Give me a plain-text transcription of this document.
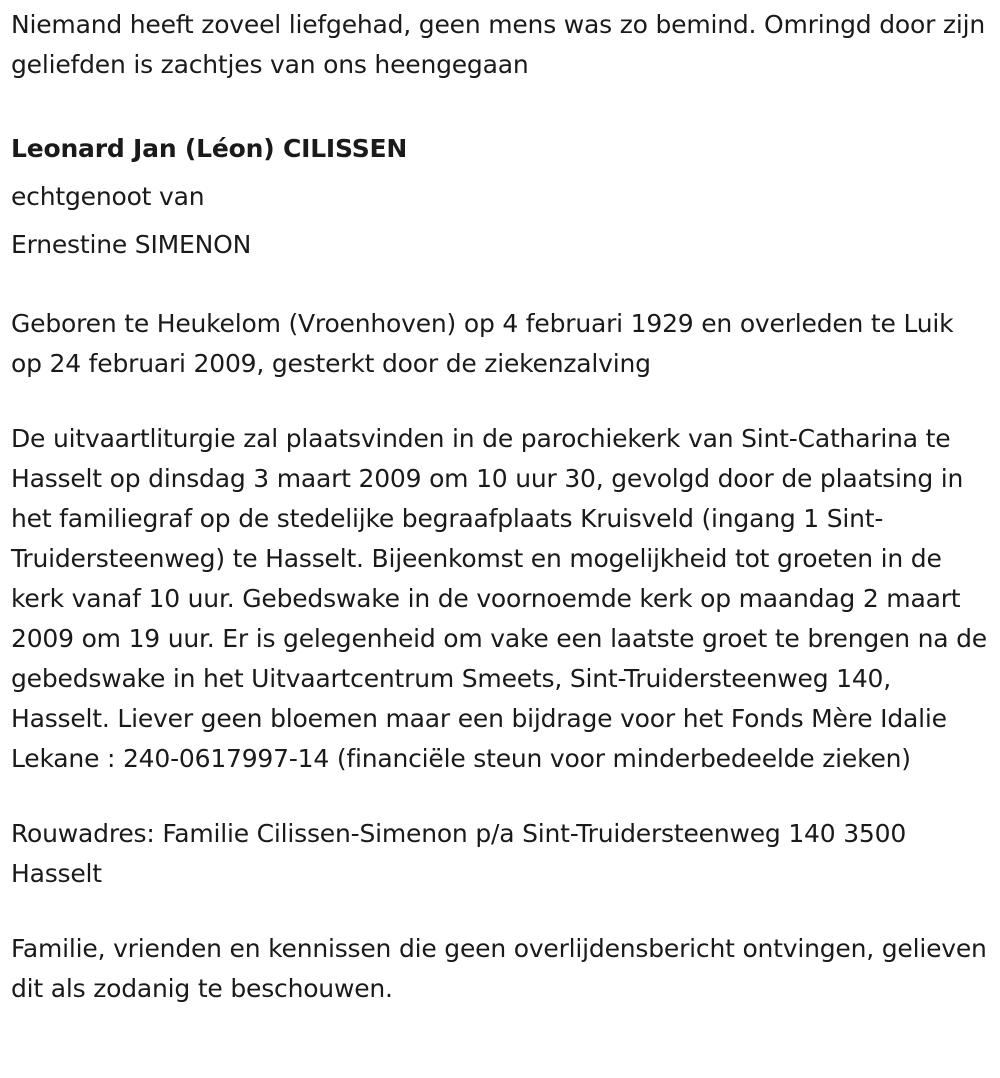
Niemand heeft zoveel liefgehad, geen mens was zo bemind. Omringd door zijn geliefden is zachtjes van ons heengegaan

Leonard Jan (Léon) CILISSEN
echtgenoot van
Ernestine SIMENON

Geboren te Heukelom (Vroenhoven) op 4 februari 1929 en overleden te Luik op 24 februari 2009, gesterkt door de ziekenzalving

De uitvaartliturgie zal plaatsvinden in de parochiekerk van Sint-Catharina te Hasselt op dinsdag 3 maart 2009 om 10 uur 30, gevolgd door de plaatsing in het familiegraf op de stedelijke begraafplaats Kruisveld (ingang 1 Sint-Truidersteenweg) te Hasselt. Bijeenkomst en mogelijkheid tot groeten in de kerk vanaf 10 uur. Gebedswake in de voornoemde kerk op maandag 2 maart 2009 om 19 uur. Er is gelegenheid om vake een laatste groet te brengen na de gebedswake in het Uitvaartcentrum Smeets, Sint-Truidersteenweg 140, Hasselt. Liever geen bloemen maar een bijdrage voor het Fonds Mère Idalie Lekane : 240-0617997-14 (financiële steun voor minderbedeelde zieken)

Rouwadres: Familie Cilissen-Simenon p/a Sint-Truidersteenweg 140 3500 Hasselt

Familie, vrienden en kennissen die geen overlijdensbericht ontvingen, gelieven dit als zodanig te beschouwen.
